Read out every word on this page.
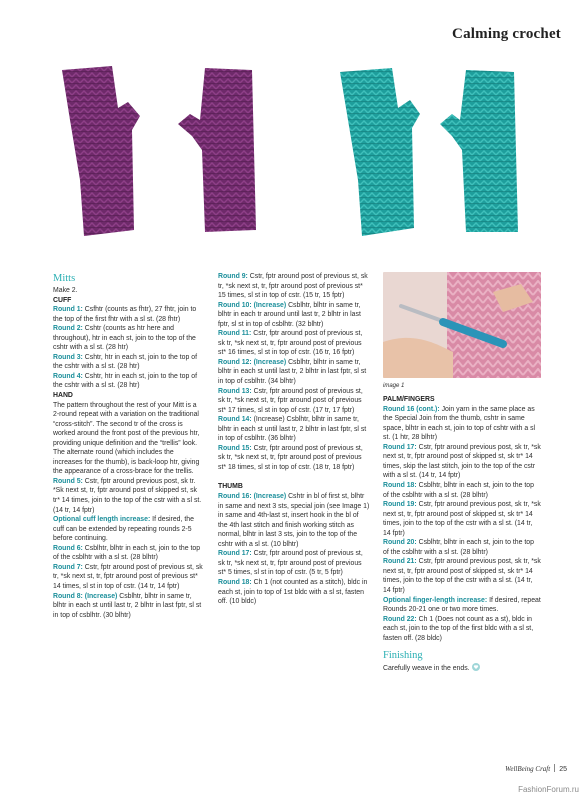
Calming crochet
Mitts

Make 2.

CUFF

Round 1: Csfhtr (counts as fhtr), 27 fhtr, join to the top of the first fhtr with a sl st. (28 fhtr)

Round 2: Cshtr (counts as htr here and throughout), htr in each st, join to the top of the cshtr with a sl st. (28 htr)

Round 3: Cshtr, htr in each st, join to the top of the cshtr with a sl st. (28 htr)

Round 4: Cshtr, htr in each st, join to the top of the cshtr with a sl st. (28 htr)

HAND

The pattern throughout the rest of your Mitt is a 2-round repeat with a variation on the traditional “cross-stitch”. The second tr of the cross is worked around the front post of the previous htr, providing unique definition and the “trellis” look. The alternate round (which includes the increases for the thumb), is back-loop htr, giving the appearance of a cross-brace for the trellis.

Round 5: Cstr, fptr around previous post, sk tr. *Sk next st, tr, fptr around post of skipped st, sk tr* 14 times, join to the top of the cstr with a sl st. (14 tr, 14 fptr)

Optional cuff length increase: If desired, the cuff can be extended by repeating rounds 2-5 before continuing.

Round 6: Csblhtr, blhtr in each st, join to the top of the csblhtr with a sl st. (28 blhtr)

Round 7: Cstr, fptr around post of previous st, sk tr, *sk next st, tr, fptr around post of previous st* 14 times, sl st in top of cstr. (14 tr, 14 fptr)

Round 8: (Increase) Csblhtr, blhtr in same tr, blhtr in each st until last tr, 2 blhtr in last fptr, sl st in top of csblhtr. (30 blhtr)

Round 9: Cstr, fptr around post of previous st, sk tr, *sk next st, tr, fptr around post of previous st* 15 times, sl st in top of cstr. (15 tr, 15 fptr)

Round 10: (Increase) Csblhtr, blhtr in same tr, blhtr in each tr around until last tr, 2 blhtr in last fptr, sl st in top of csblhtr. (32 blhtr)

Round 11: Cstr, fptr around post of previous st, sk tr, *sk next st, tr, fptr around post of previous st* 16 times, sl st in top of cstr. (16 tr, 16 fptr)

Round 12: (Increase) Csblhtr, blhtr in same tr, blhtr in each st until last tr, 2 blhtr in last fptr, sl st in top of csblhtr. (34 blhtr)

Round 13: Cstr, fptr around post of previous st, sk tr, *sk next st, tr, fptr around post of previous st* 17 times, sl st in top of cstr. (17 tr, 17 fptr)

Round 14: (Increase) Csblhtr, blhtr in same tr, blhtr in each st until last tr, 2 blhtr in last fptr, sl st in top of csblhtr. (36 blhtr)

Round 15: Cstr, fptr around post of previous st, sk tr, *sk next st, tr, fptr around post of previous st* 18 times, sl st in top of cstr. (18 tr, 18 fptr)

THUMB

Round 16: (Increase) Cshtr in bl of first st, blhtr in same and next 3 sts, special join (see Image 1) in same and 4th-last st, insert hook in the bl of the 4th last stitch and finish working stitch as normal, blhtr in last 3 sts, join to the top of the cshtr with a sl st. (10 blhtr)

Round 17: Cstr, fptr around post of previous st, sk tr, *sk next st, tr, fptr around post of previous st* 5 times, sl st in top of cstr. (5 tr, 5 fptr)

Round 18: Ch 1 (not counted as a stitch), bldc in each st, join to top of 1st bldc with a sl st, fasten off. (10 bldc)

image 1

PALM/FINGERS

Round 16 (cont.): Join yarn in the same place as the Special Join from the thumb, cshtr in same space, blhtr in each st, join to top of cshtr with a sl st. (1 htr, 28 blhtr)

Round 17: Cstr, fptr around previous post, sk tr, *sk next st, tr, fptr around post of skipped st, sk tr* 14 times, skip the last stitch, join to the top of the cstr with a sl st. (14 tr, 14 fptr)

Round 18: Csblhtr, blhtr in each st, join to the top of the csblhtr with a sl st. (28 blhtr)

Round 19: Cstr, fptr around previous post, sk tr, *sk next st, tr, fptr around post of skipped st, sk tr* 14 times, join to the top of the cstr with a sl st. (14 tr, 14 fptr)

Round 20: Csblhtr, blhtr in each st, join to the top of the csblhtr with a sl st. (28 blhtr)

Round 21: Cstr, fptr around previous post, sk tr, *sk next st, tr, fptr around post of skipped st, sk tr* 14 times, join to the top of the cstr with a sl st. (14 tr, 14 fptr)

Optional finger-length increase: If desired, repeat Rounds 20-21 one or two more times.

Round 22: Ch 1 (Does not count as a st), bldc in each st, join to the top of the first bldc with a sl st, fasten off. (28 bldc)

Finishing

Carefully weave in the ends.

WellBeing Craft 25
FashionForum.ru
